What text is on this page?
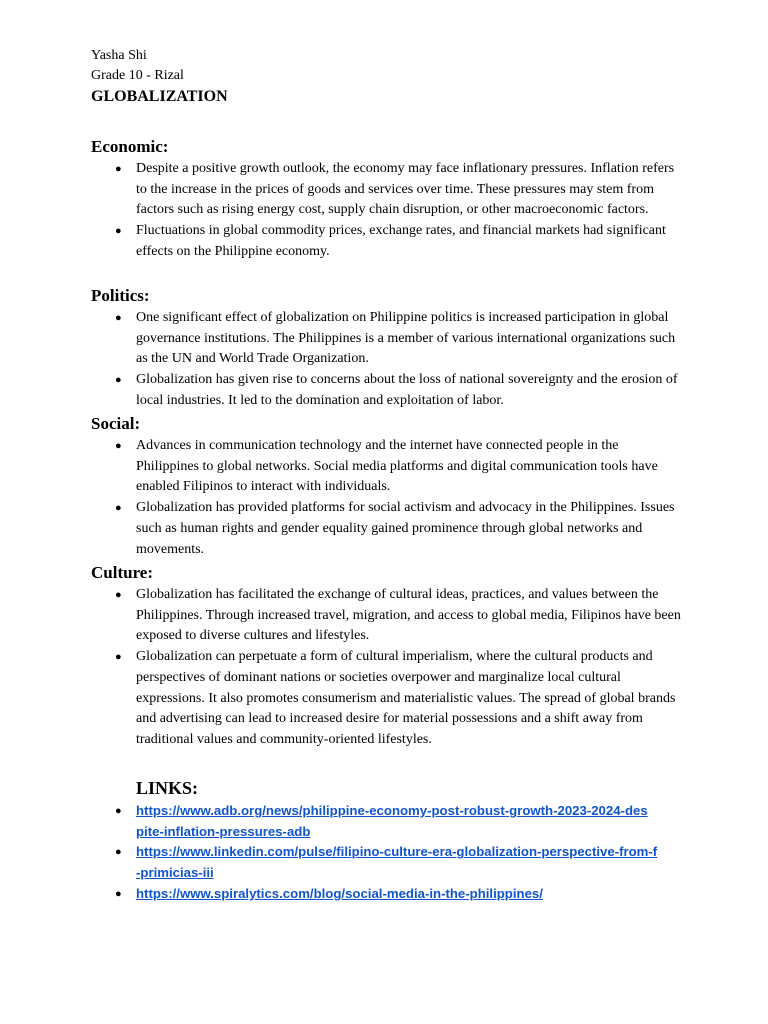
Yasha Shi
Grade 10 - Rizal
GLOBALIZATION
Economic:
● Despite a positive growth outlook, the economy may face inflationary pressures. Inflation refers to the increase in the prices of goods and services over time. These pressures may stem from factors such as rising energy cost, supply chain disruption, or other macroeconomic factors.
● Fluctuations in global commodity prices, exchange rates, and financial markets had significant effects on the Philippine economy.
Politics:
● One significant effect of globalization on Philippine politics is increased participation in global governance institutions. The Philippines is a member of various international organizations such as the UN and World Trade Organization.
● Globalization has given rise to concerns about the loss of national sovereignty and the erosion of local industries. It led to the domination and exploitation of labor.
Social:
● Advances in communication technology and the internet have connected people in the Philippines to global networks. Social media platforms and digital communication tools have enabled Filipinos to interact with individuals.
● Globalization has provided platforms for social activism and advocacy in the Philippines. Issues such as human rights and gender equality gained prominence through global networks and movements.
Culture:
● Globalization has facilitated the exchange of cultural ideas, practices, and values between the Philippines. Through increased travel, migration, and access to global media, Filipinos have been exposed to diverse cultures and lifestyles.
● Globalization can perpetuate a form of cultural imperialism, where the cultural products and perspectives of dominant nations or societies overpower and marginalize local cultural expressions. It also promotes consumerism and materialistic values. The spread of global brands and advertising can lead to increased desire for material possessions and a shift away from traditional values and community-oriented lifestyles.
LINKS:
● https://www.adb.org/news/philippine-economy-post-robust-growth-2023-2024-des
pite-inflation-pressures-adb
● https://www.linkedin.com/pulse/filipino-culture-era-globalization-perspective-from-f
-primicias-iii
● https://www.spiralytics.com/blog/social-media-in-the-philippines/
